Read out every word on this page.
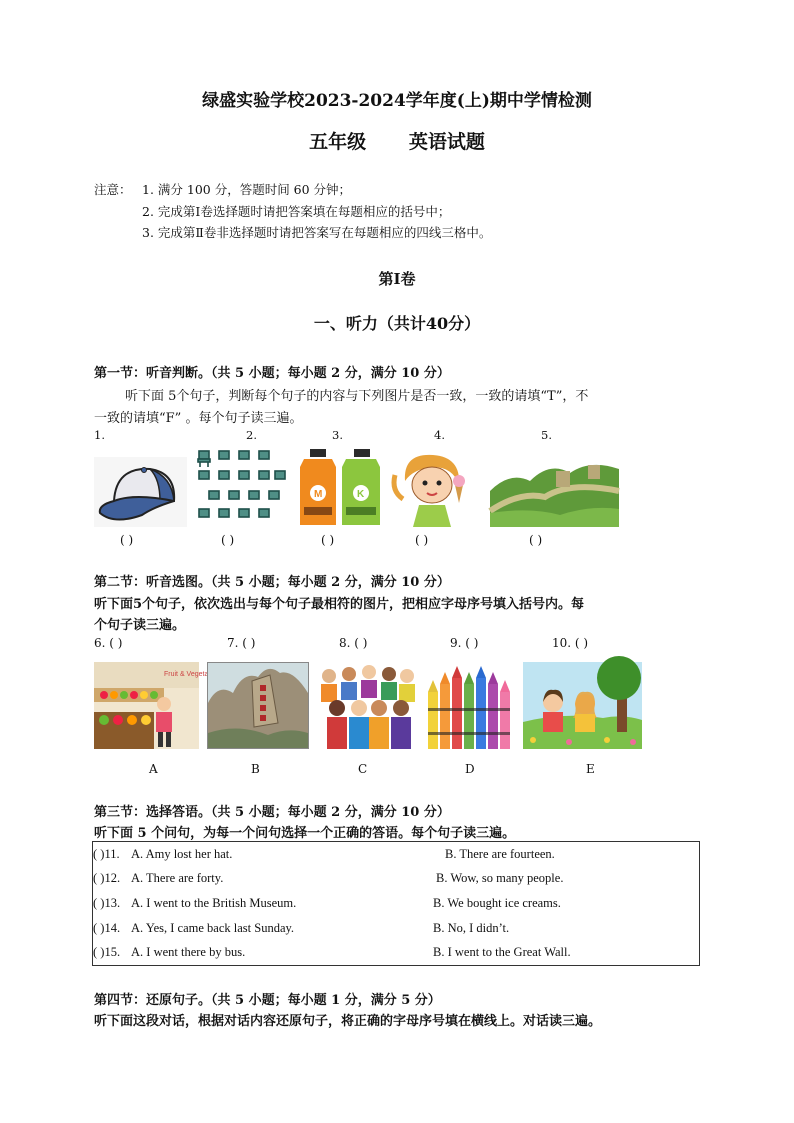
绿盛实验学校2023-2024学年度(上)期中学情检测
五年级 英语试题
注意： 1. 满分 100 分，答题时间 60 分钟；
2. 完成第Ⅰ卷选择题时请把答案填在每题相应的括号中；
3. 完成第Ⅱ卷非选择题时请把答案写在每题相应的四线三格中。
第Ⅰ卷
一、听力（共计40分）
第一节：听音判断。（共 5 小题；每小题 2 分，满分 10 分）
听下面 5个句子，判断每个句子的内容与下列图片是否一致，一致的请填“T”，不
一致的请填“F” 。每个句子读三遍。
1.	2.	3.	4.	5.
M	K
( )	( )	( )	( )	( )
第二节：听音选图。（共 5 小题；每小题 2 分，满分 10 分）
听下面5个句子，依次选出与每个句子最相符的图片，把相应字母序号填入括号内。每
个句子读三遍。
6. ( )	7. ( )	8. ( )	9. ( )	10. ( )
Fruit & Vegeta
A	B	C	D	E
第三节：选择答语。（共 5 小题；每小题 2 分，满分 10 分）
听下面 5 个问句，为每一个问句选择一个正确的答语。每个句子读三遍。
( )11.	A. Amy lost her hat.	B. There are fourteen.
( )12.	A. There are forty.	B. Wow, so many people.
( )13.	A. I went to the British Museum.	B. We bought ice creams.
( )14.	A. Yes, I came back last Sunday.	B. No, I didn’t.
( )15.	A. I went there by bus.	B. I went to the Great Wall.
第四节：还原句子。（共 5 小题；每小题 1 分，满分 5 分）
听下面这段对话，根据对话内容还原句子，将正确的字母序号填在横线上。对话读三遍。
